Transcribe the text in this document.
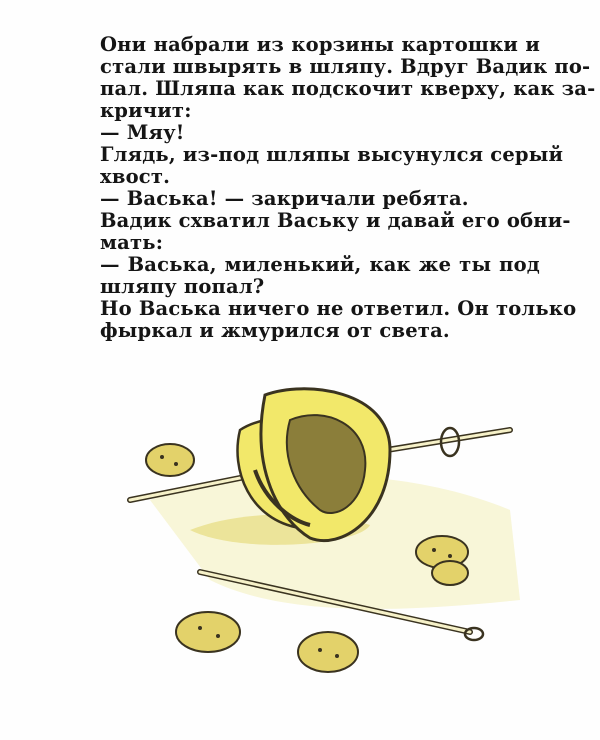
Они набрали из корзины картошки и
стали швырять в шляпу. Вдруг Вадик по-
пал. Шляпа как подскочит кверху, как за-
кричит:
— Мяу!
Глядь, из-под шляпы высунулся серый
хвост.
— Васька! — закричали ребята.
Вадик схватил Ваську и давай его обни-
мать:
— Васька, миленький, как же ты под
шляпу попал?
Но Васька ничего не ответил. Он только
фыркал и жмурился от света.
